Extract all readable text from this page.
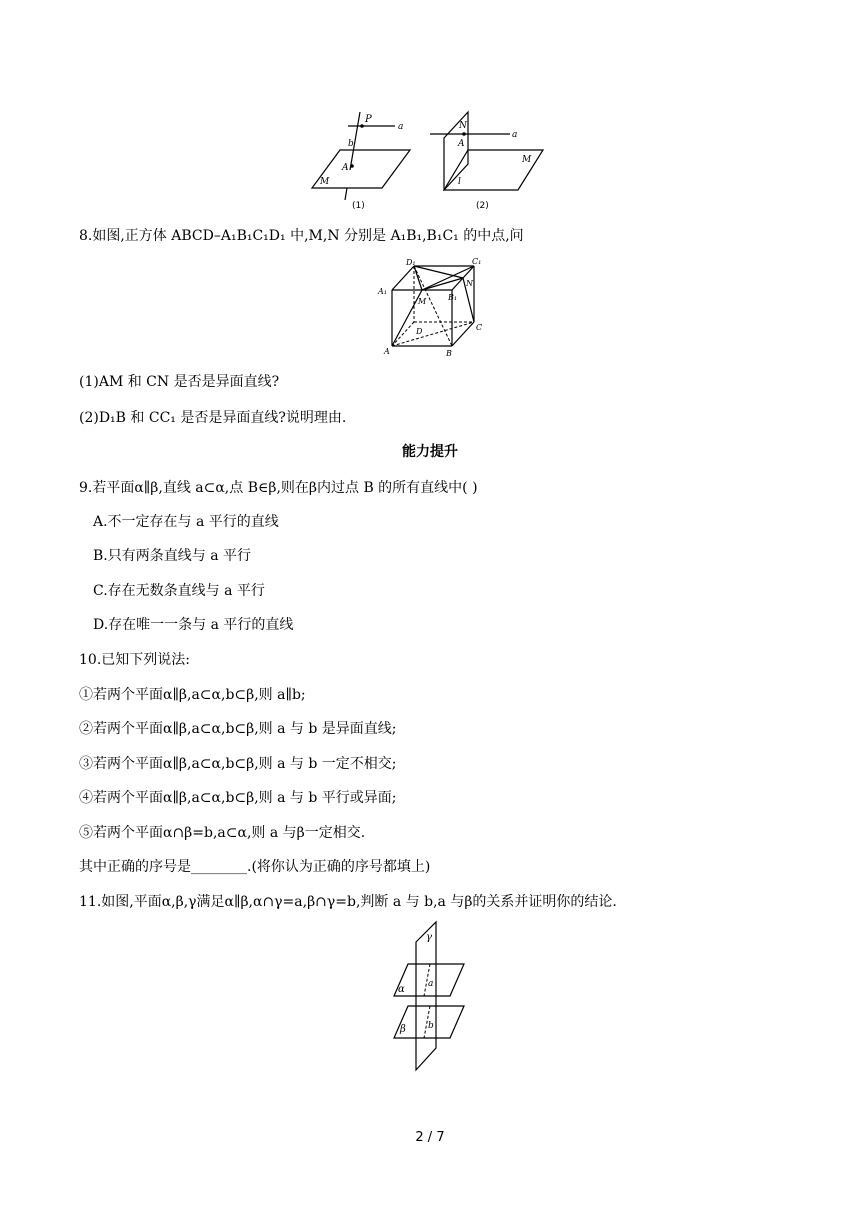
P
a
b
A
M
(1)
N
a
A
M
l
(2)
8.如图,正方体 ABCD–A₁B₁C₁D₁ 中,M,N 分别是 A₁B₁,B₁C₁ 的中点,问
D₁	C₁
A₁
B₁
M
N
D	C
A	B
(1)AM 和 CN 是否是异面直线?
(2)D₁B 和 CC₁ 是否是异面直线?说明理由.
能力提升
9.若平面α∥β,直线 a⊂α,点 B∈β,则在β内过点 B 的所有直线中( )
A.不一定存在与 a 平行的直线
B.只有两条直线与 a 平行
C.存在无数条直线与 a 平行
D.存在唯一一条与 a 平行的直线
10.已知下列说法:
①若两个平面α∥β,a⊂α,b⊂β,则 a∥b;
②若两个平面α∥β,a⊂α,b⊂β,则 a 与 b 是异面直线;
③若两个平面α∥β,a⊂α,b⊂β,则 a 与 b 一定不相交;
④若两个平面α∥β,a⊂α,b⊂β,则 a 与 b 平行或异面;
⑤若两个平面α∩β=b,a⊂α,则 a 与β一定相交.
其中正确的序号是________.(将你认为正确的序号都填上)
11.如图,平面α,β,γ满足α∥β,α∩γ=a,β∩γ=b,判断 a 与 b,a 与β的关系并证明你的结论.
γ
α	a
β b
2 / 7
